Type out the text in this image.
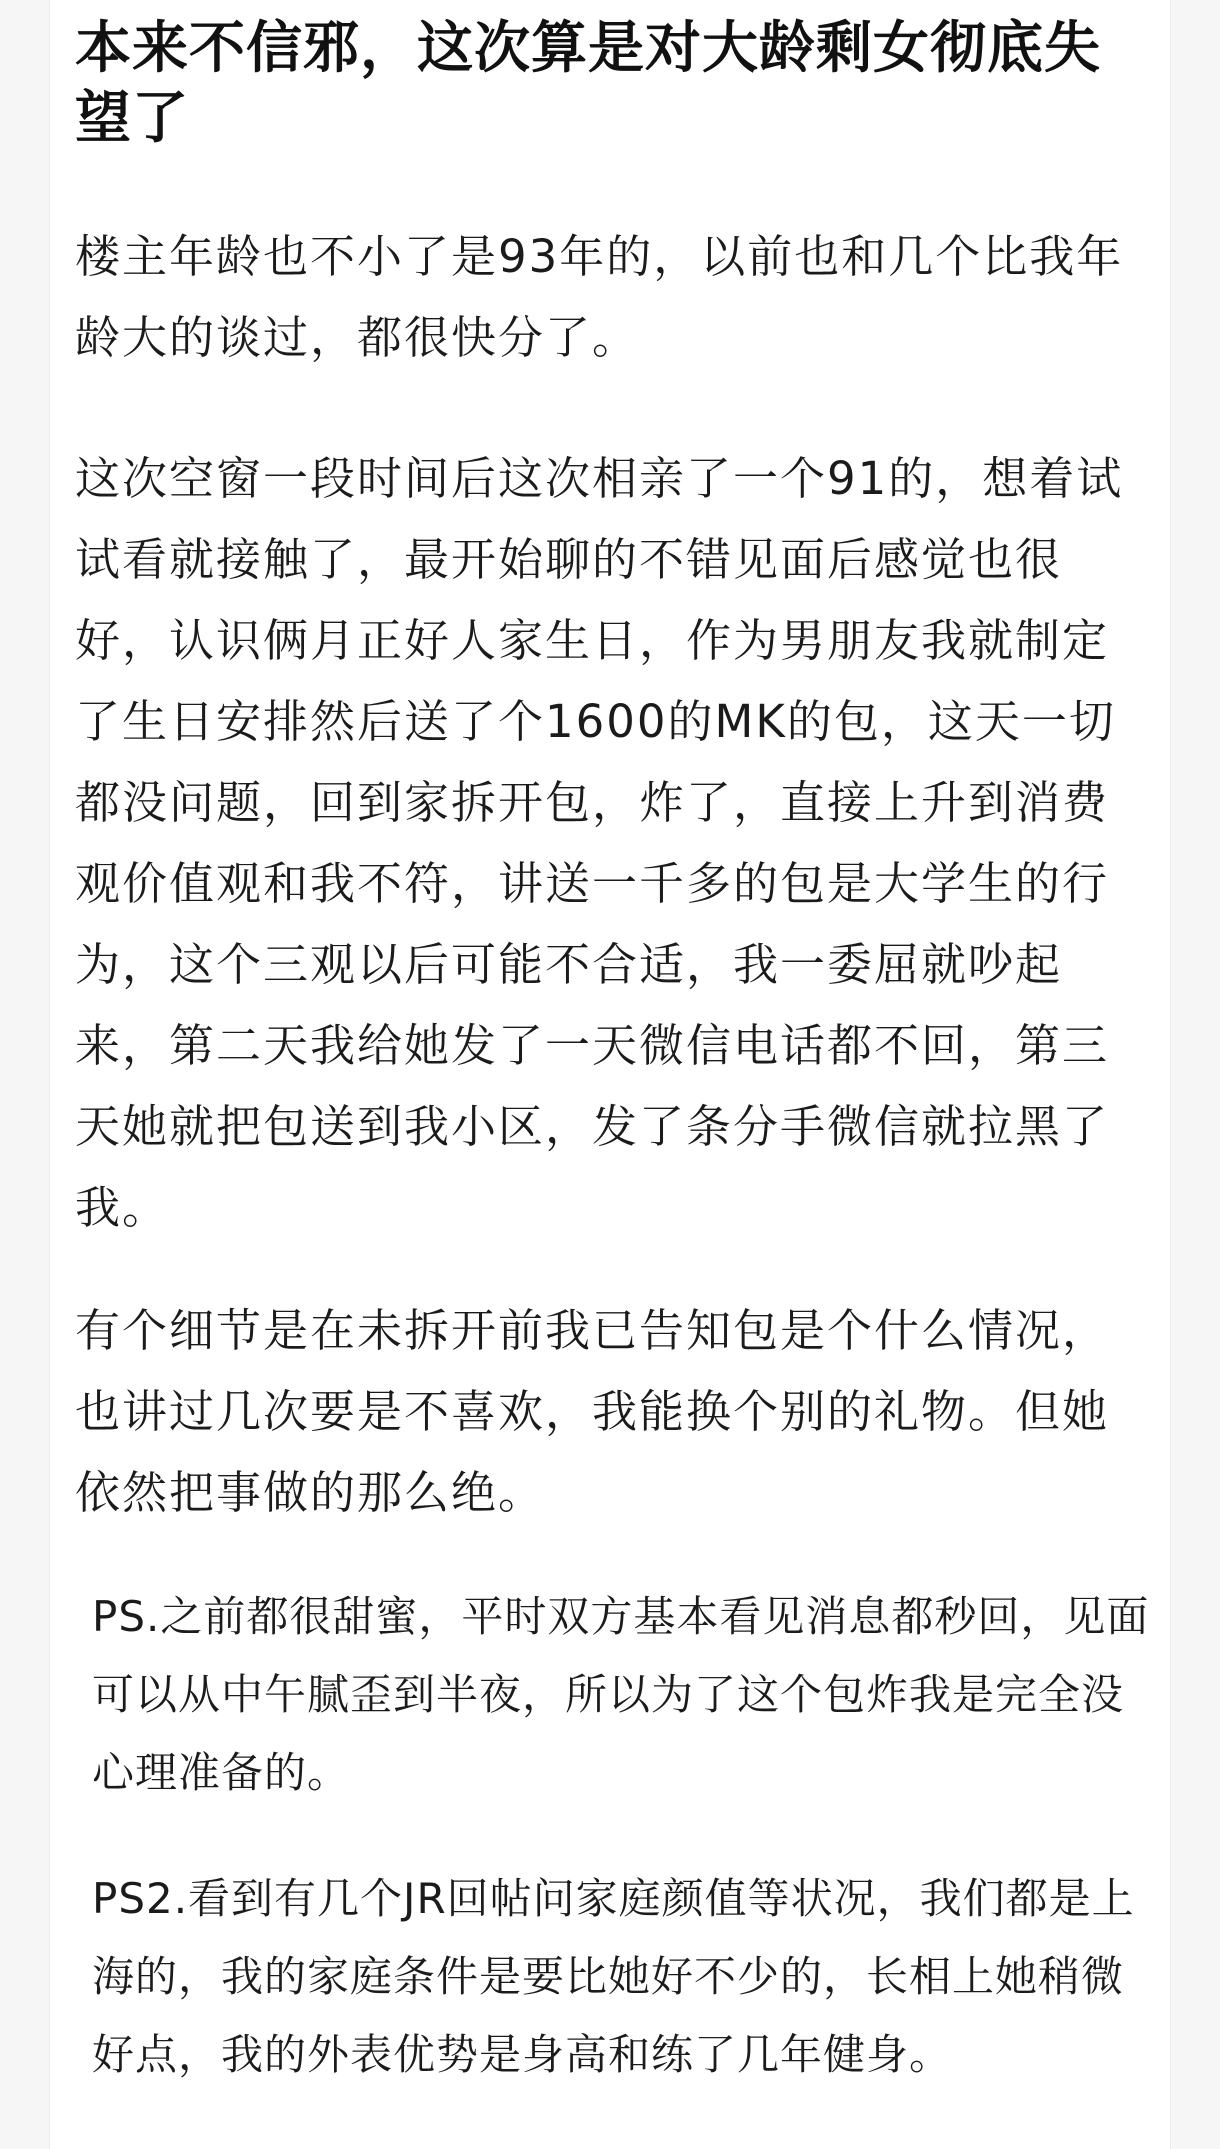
本来不信邪，这次算是对大龄剩女彻底失望了

楼主年龄也不小了是93年的，以前也和几个比我年龄大的谈过，都很快分了。

这次空窗一段时间后这次相亲了一个91的，想着试试看就接触了，最开始聊的不错见面后感觉也很好，认识俩月正好人家生日，作为男朋友我就制定了生日安排然后送了个1600的MK的包，这天一切都没问题，回到家拆开包，炸了，直接上升到消费观价值观和我不符，讲送一千多的包是大学生的行为，这个三观以后可能不合适，我一委屈就吵起来，第二天我给她发了一天微信电话都不回，第三天她就把包送到我小区，发了条分手微信就拉黑了我。

有个细节是在未拆开前我已告知包是个什么情况，也讲过几次要是不喜欢，我能换个别的礼物。但她依然把事做的那么绝。

PS.之前都很甜蜜，平时双方基本看见消息都秒回，见面可以从中午腻歪到半夜，所以为了这个包炸我是完全没心理准备的。

PS2.看到有几个JR回帖问家庭颜值等状况，我们都是上海的，我的家庭条件是要比她好不少的，长相上她稍微好点，我的外表优势是身高和练了几年健身。
